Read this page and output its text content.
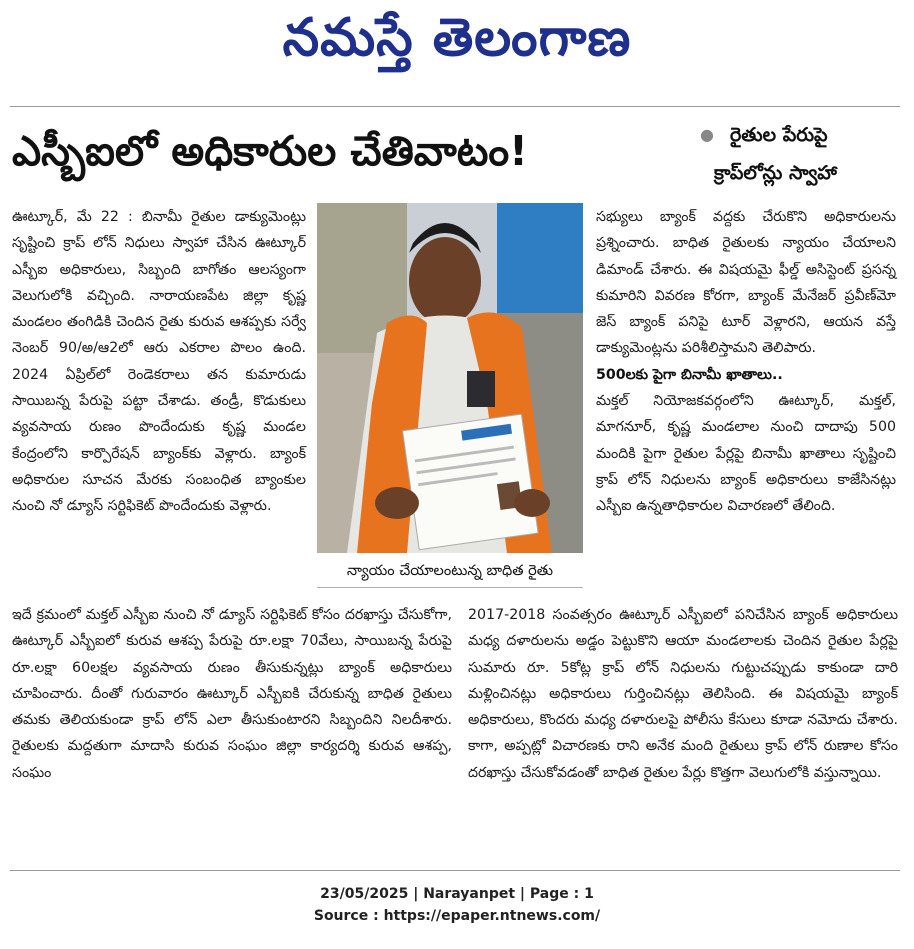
నమస్తే తెలంగాణ
ఎస్బీఐలో అధికారుల చేతివాటం!	● రైతుల పేరుపై
క్రాప్‌లోన్లు స్వాహా

ఊట్కూర్, మే 22 : బినామీ రైతుల డాక్యుమెంట్లు సృష్టించి క్రాప్ లోన్ నిధులు స్వాహా చేసిన ఊట్కూర్ ఎస్బీఐ అధికారులు, సిబ్బంది బాగోతం ఆలస్యంగా వెలుగులోకి వచ్చింది. నారాయణపేట జిల్లా కృష్ణ మండలం తంగిడికి చెందిన రైతు కురువ ఆశప్పకు సర్వే నెంబర్ 90/అ/ఆ2లో ఆరు ఎకరాల పొలం ఉంది. 2024 ఏప్రిల్‌లో రెండెకరాలు తన కుమారుడు సాయిబన్న పేరుపై పట్టా చేశాడు. తండ్రీ, కొడుకులు వ్యవసాయ రుణం పొందేందుకు కృష్ణ మండల కేంద్రంలోని కార్పొరేషన్ బ్యాంక్‌కు వెళ్లారు. బ్యాంక్ అధికారుల సూచన మేరకు సంబంధిత బ్యాంకుల నుంచి నో డ్యూస్ సర్టిఫికెట్ పొందేందుకు వెళ్లారు.

న్యాయం చేయాలంటున్న బాధిత రైతు

సభ్యులు బ్యాంక్ వద్దకు చేరుకొని అధికారులను ప్రశ్నించారు. బాధిత రైతులకు న్యాయం చేయాలని డిమాండ్ చేశారు. ఈ విషయమై ఫీల్డ్ అసిస్టెంట్ ప్రసన్న కుమారిని వివరణ కోరగా, బ్యాంక్ మేనేజర్ ప్రవీణ్‌మో జెస్ బ్యాంక్ పనిపై టూర్ వెళ్లారని, ఆయన వస్తే డాక్యుమెంట్లను పరిశీలిస్తామని తెలిపారు.

500లకు పైగా బినామీ ఖాతాలు..

మక్తల్ నియోజకవర్గంలోని ఊట్కూర్, మక్తల్, మాగనూర్, కృష్ణ మండలాల నుంచి దాదాపు 500 మందికి పైగా రైతుల పేర్లపై బినామీ ఖాతాలు సృష్టించి క్రాప్ లోన్ నిధులను బ్యాంక్ అధికారులు కాజేసినట్లు ఎస్బీఐ ఉన్నతాధికారుల విచారణలో తేలింది.

2017-2018 సంవత్సరం ఊట్కూర్ ఎస్బీఐలో పనిచేసిన బ్యాంక్ అధికారులు మధ్య దళారులను అడ్డం పెట్టుకొని ఆయా మండలాలకు చెందిన రైతుల పేర్లపై సుమారు రూ. 5కోట్ల క్రాప్ లోన్ నిధులను గుట్టుచప్పుడు కాకుండా దారి మళ్లించినట్లు అధికారులు గుర్తించినట్లు తెలిసింది. ఈ విషయమై బ్యాంక్ అధికారులు, కొందరు మధ్య దళారులపై పోలీసు కేసులు కూడా నమోదు చేశారు. కాగా, అప్పట్లో విచారణకు రాని అనేక మంది రైతులు క్రాప్ లోన్ రుణాల కోసం దరఖాస్తు చేసుకోవడంతో బాధిత రైతుల పేర్లు కొత్తగా వెలుగులోకి వస్తున్నాయి.

ఇదే క్రమంలో మక్తల్ ఎస్బీఐ నుంచి నో డ్యూస్ సర్టిఫికెట్ కోసం దరఖాస్తు చేసుకోగా, ఊట్కూర్ ఎస్బీఐలో కురువ ఆశప్ప పేరుపై రూ.లక్షా 70వేలు, సాయిబన్న పేరుపై రూ.లక్షా 60లక్షల వ్యవసాయ రుణం తీసుకున్నట్లు బ్యాంక్ అధికారులు చూపించారు. దీంతో గురువారం ఊట్కూర్ ఎస్బీఐకి చేరుకున్న బాధిత రైతులు తమకు తెలియకుండా క్రాప్ లోన్ ఎలా తీసుకుంటారని సిబ్బందిని నిలదీశారు. రైతులకు మద్దతుగా మాదాసి కురువ సంఘం జిల్లా కార్యదర్శి కురువ ఆశప్ప, సంఘం

23/05/2025 | Narayanpet | Page : 1
Source : https://epaper.ntnews.com/
